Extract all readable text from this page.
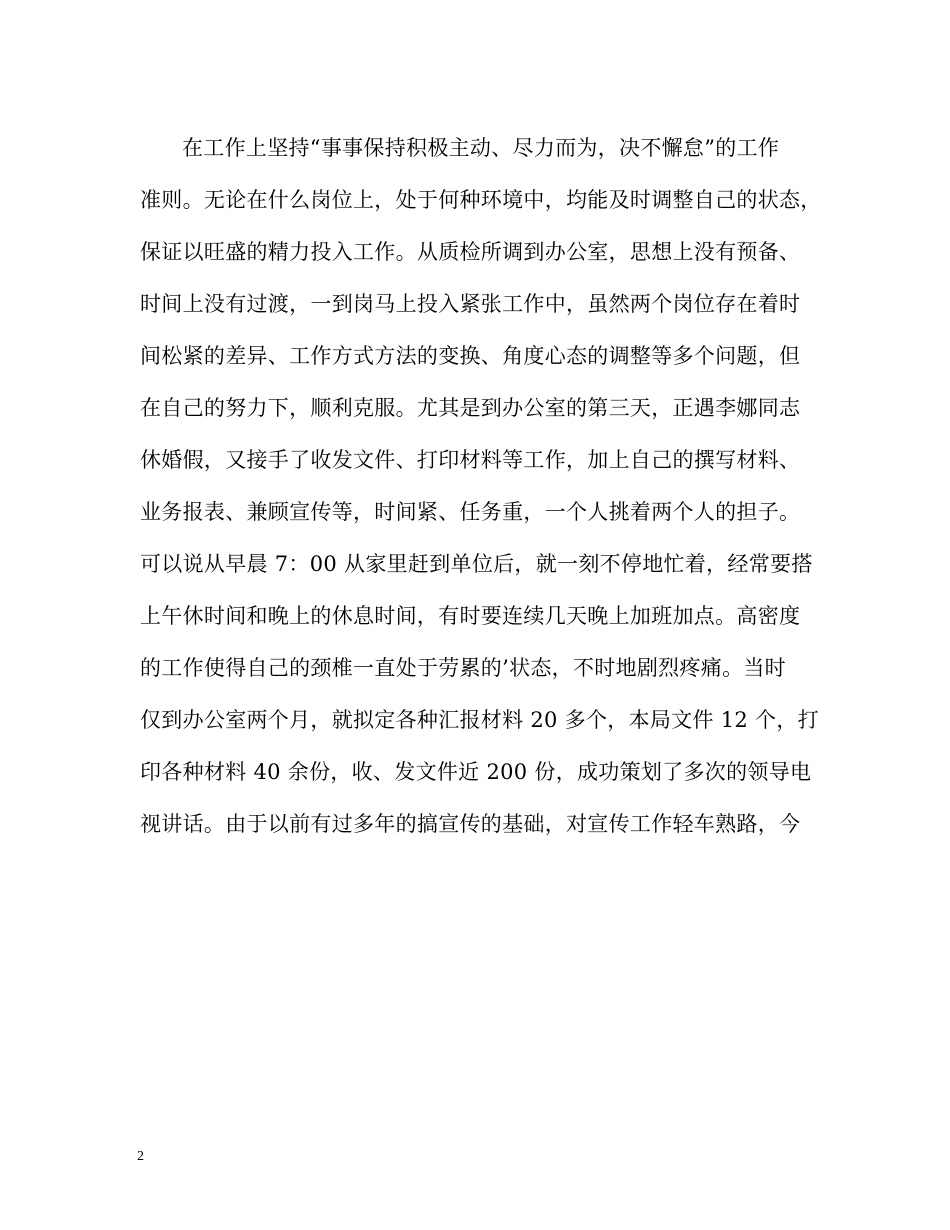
在工作上坚持“事事保持积极主动、尽力而为，决不懈怠”的工作
准则。无论在什么岗位上，处于何种环境中，均能及时调整自己的状态，
保证以旺盛的精力投入工作。从质检所调到办公室，思想上没有预备、
时间上没有过渡，一到岗马上投入紧张工作中，虽然两个岗位存在着时
间松紧的差异、工作方式方法的变换、角度心态的调整等多个问题，但
在自己的努力下，顺利克服。尤其是到办公室的第三天，正遇李娜同志
休婚假，又接手了收发文件、打印材料等工作，加上自己的撰写材料、
业务报表、兼顾宣传等，时间紧、任务重，一个人挑着两个人的担子。
可以说从早晨 7：00 从家里赶到单位后，就一刻不停地忙着，经常要搭
上午休时间和晚上的休息时间，有时要连续几天晚上加班加点。高密度
的工作使得自己的颈椎一直处于劳累的’状态，不时地剧烈疼痛。当时
仅到办公室两个月，就拟定各种汇报材料 20 多个，本局文件 12 个，打
印各种材料 40 余份，收、发文件近 200 份，成功策划了多次的领导电
视讲话。由于以前有过多年的搞宣传的基础，对宣传工作轻车熟路，今
2
